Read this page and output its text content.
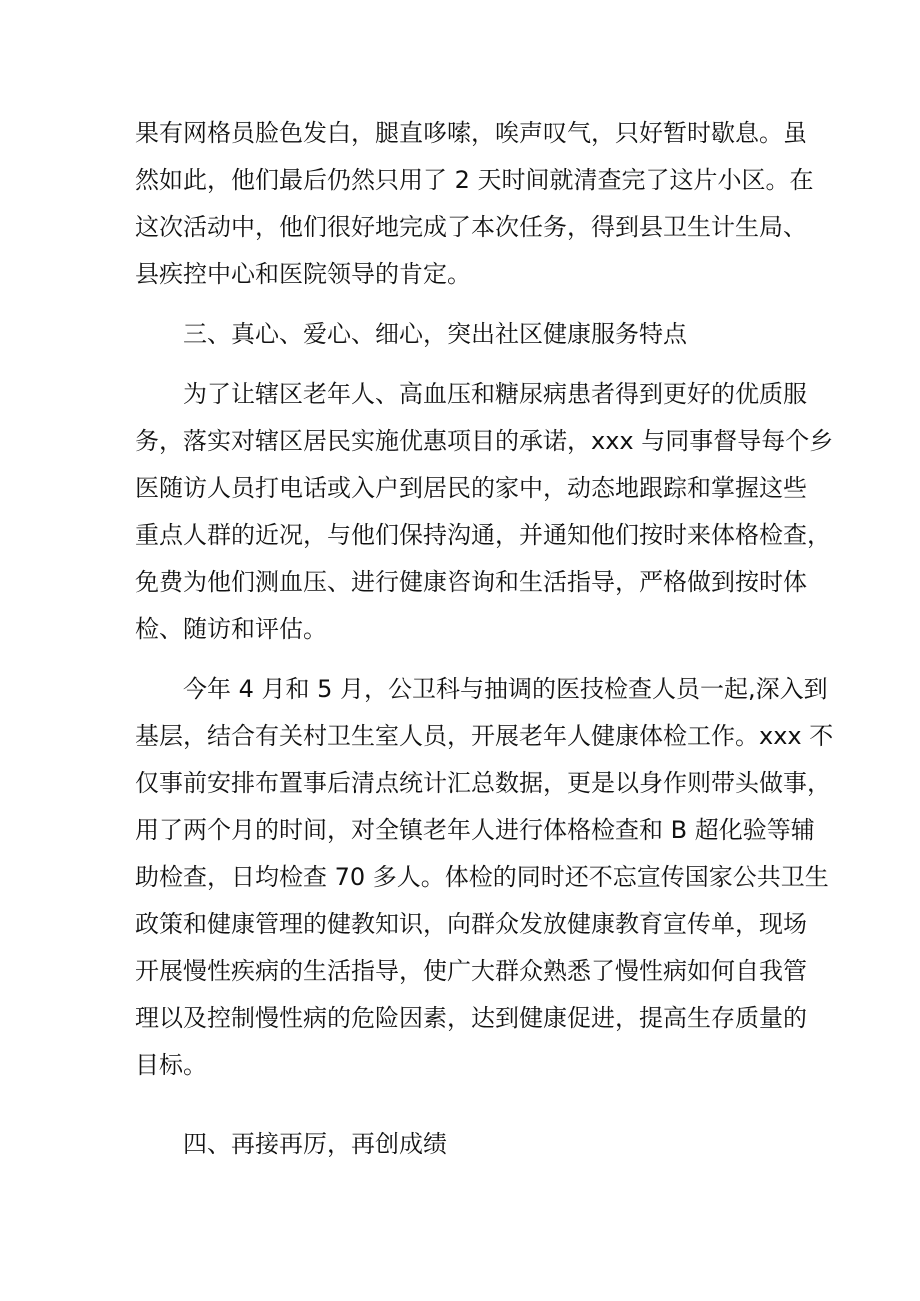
果有网格员脸色发白，腿直哆嗦，唉声叹气，只好暂时歇息。虽
然如此，他们最后仍然只用了 2 天时间就清查完了这片小区。在
这次活动中，他们很好地完成了本次任务，得到县卫生计生局、
县疾控中心和医院领导的肯定。
三、真心、爱心、细心，突出社区健康服务特点
为了让辖区老年人、高血压和糖尿病患者得到更好的优质服
务，落实对辖区居民实施优惠项目的承诺，xxx 与同事督导每个乡
医随访人员打电话或入户到居民的家中，动态地跟踪和掌握这些
重点人群的近况，与他们保持沟通，并通知他们按时来体格检查，
免费为他们测血压、进行健康咨询和生活指导，严格做到按时体
检、随访和评估。
今年 4 月和 5 月，公卫科与抽调的医技检查人员一起,深入到
基层，结合有关村卫生室人员，开展老年人健康体检工作。xxx 不
仅事前安排布置事后清点统计汇总数据，更是以身作则带头做事，
用了两个月的时间，对全镇老年人进行体格检查和 B 超化验等辅
助检查，日均检查 70 多人。体检的同时还不忘宣传国家公共卫生
政策和健康管理的健教知识，向群众发放健康教育宣传单，现场
开展慢性疾病的生活指导，使广大群众熟悉了慢性病如何自我管
理以及控制慢性病的危险因素，达到健康促进，提高生存质量的
目标。
四、再接再厉，再创成绩
